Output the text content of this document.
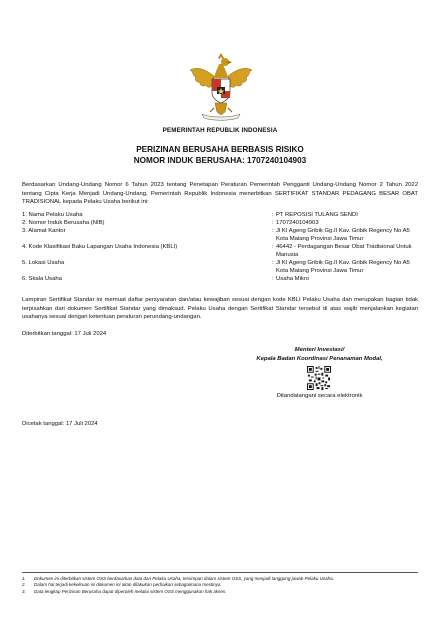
PEMERINTAH REPUBLIK INDONESIA
PERIZINAN BERUSAHA BERBASIS RISIKO
NOMOR INDUK BERUSAHA: 1707240104903
Berdasarkan Undang-Undang Nomor 6 Tahun 2023 tentang Penetapan Peraturan Pemerintah Pengganti Undang-Undang Nomor 2 Tahun 2022 tentang Cipta Kerja Menjadi Undang-Undang, Pemerintah Republik Indonesia menerbitkan SERTIFIKAT STANDAR PEDAGANG BESAR OBAT TRADISIONAL kepada Pelaku Usaha berikut ini:
1. Nama Pelaku Usaha	: PT REPOSISI TULANG SENDI
2. Nomor Induk Berusaha (NIB)	: 1707240104903
3. Alamat Kantor	: Jl KI Ageng Gribik Gg.II Kav. Gribik Regency No A5 Kota Malang Provinsi Jawa Timur
4. Kode Klasifikasi Baku Lapangan Usaha Indonesia (KBLI)	: 46442 - Perdagangan Besar Obat Tradisional Untuk Manusia
5. Lokasi Usaha	: Jl KI Ageng Gribik Gg.II Kav. Gribik Regency No A5 Kota Malang Provinsi Jawa Timur
6. Skala Usaha	: Usaha Mikro
Lampiran Sertifikat Standar ini memuat daftar persyaratan dan/atau kewajiban sesuai dengan kode KBLI Pelaku Usaha dan merupakan bagian tidak terpisahkan dari dokumen Sertifikat Standar yang dimaksud. Pelaku Usaha dengan Sertifikat Standar tersebut di atas wajib menjalankan kegiatan usahanya sesuai dengan ketentuan peraturan perundang-undangan.
Diterbitkan tanggal: 17 Juli 2024
Menteri Investasi/
Kepala Badan Koordinasi Penanaman Modal,
Ditandatangani secara elektronik
Dicetak tanggal: 17 Juli 2024
1.	Dokumen ini diterbitkan sistem OSS berdasarkan data dari Pelaku Usaha, tersimpan dalam sistem OSS, yang menjadi tanggung jawab Pelaku Usaha.
2.	Dalam hal terjadi kekeliruan isi dokumen ini akan dilakukan perbaikan sebagaimana mestinya.
3.	Data lengkap Perizinan Berusaha dapat diperoleh melalui sistem OSS menggunakan hak akses.
